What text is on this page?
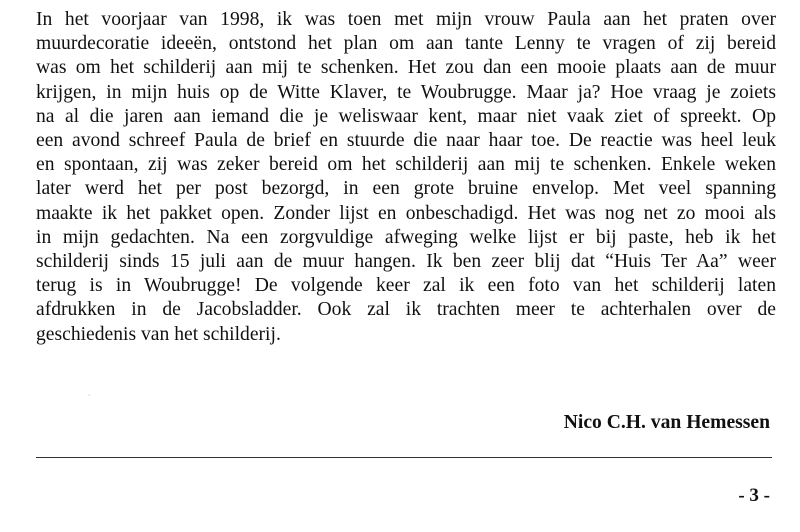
In het voorjaar van 1998, ik was toen met mijn vrouw Paula aan het praten over
muurdecoratie ideeën, ontstond het plan om aan tante Lenny te vragen of zij bereid
was om het schilderij aan mij te schenken. Het zou dan een mooie plaats aan de muur
krijgen, in mijn huis op de Witte Klaver, te Woubrugge. Maar ja? Hoe vraag je zoiets
na al die jaren aan iemand die je weliswaar kent, maar niet vaak ziet of spreekt. Op
een avond schreef Paula de brief en stuurde die naar haar toe. De reactie was heel leuk
en spontaan, zij was zeker bereid om het schilderij aan mij te schenken. Enkele weken
later werd het per post bezorgd, in een grote bruine envelop. Met veel spanning
maakte ik het pakket open. Zonder lijst en onbeschadigd. Het was nog net zo mooi als
in mijn gedachten. Na een zorgvuldige afweging welke lijst er bij paste, heb ik het
schilderij sinds 15 juli aan de muur hangen. Ik ben zeer blij dat “Huis Ter Aa” weer
terug is in Woubrugge! De volgende keer zal ik een foto van het schilderij laten
afdrukken in de Jacobsladder. Ook zal ik trachten meer te achterhalen over de
geschiedenis van het schilderij.
⸱
Nico C.H. van Hemessen
- 3 -
